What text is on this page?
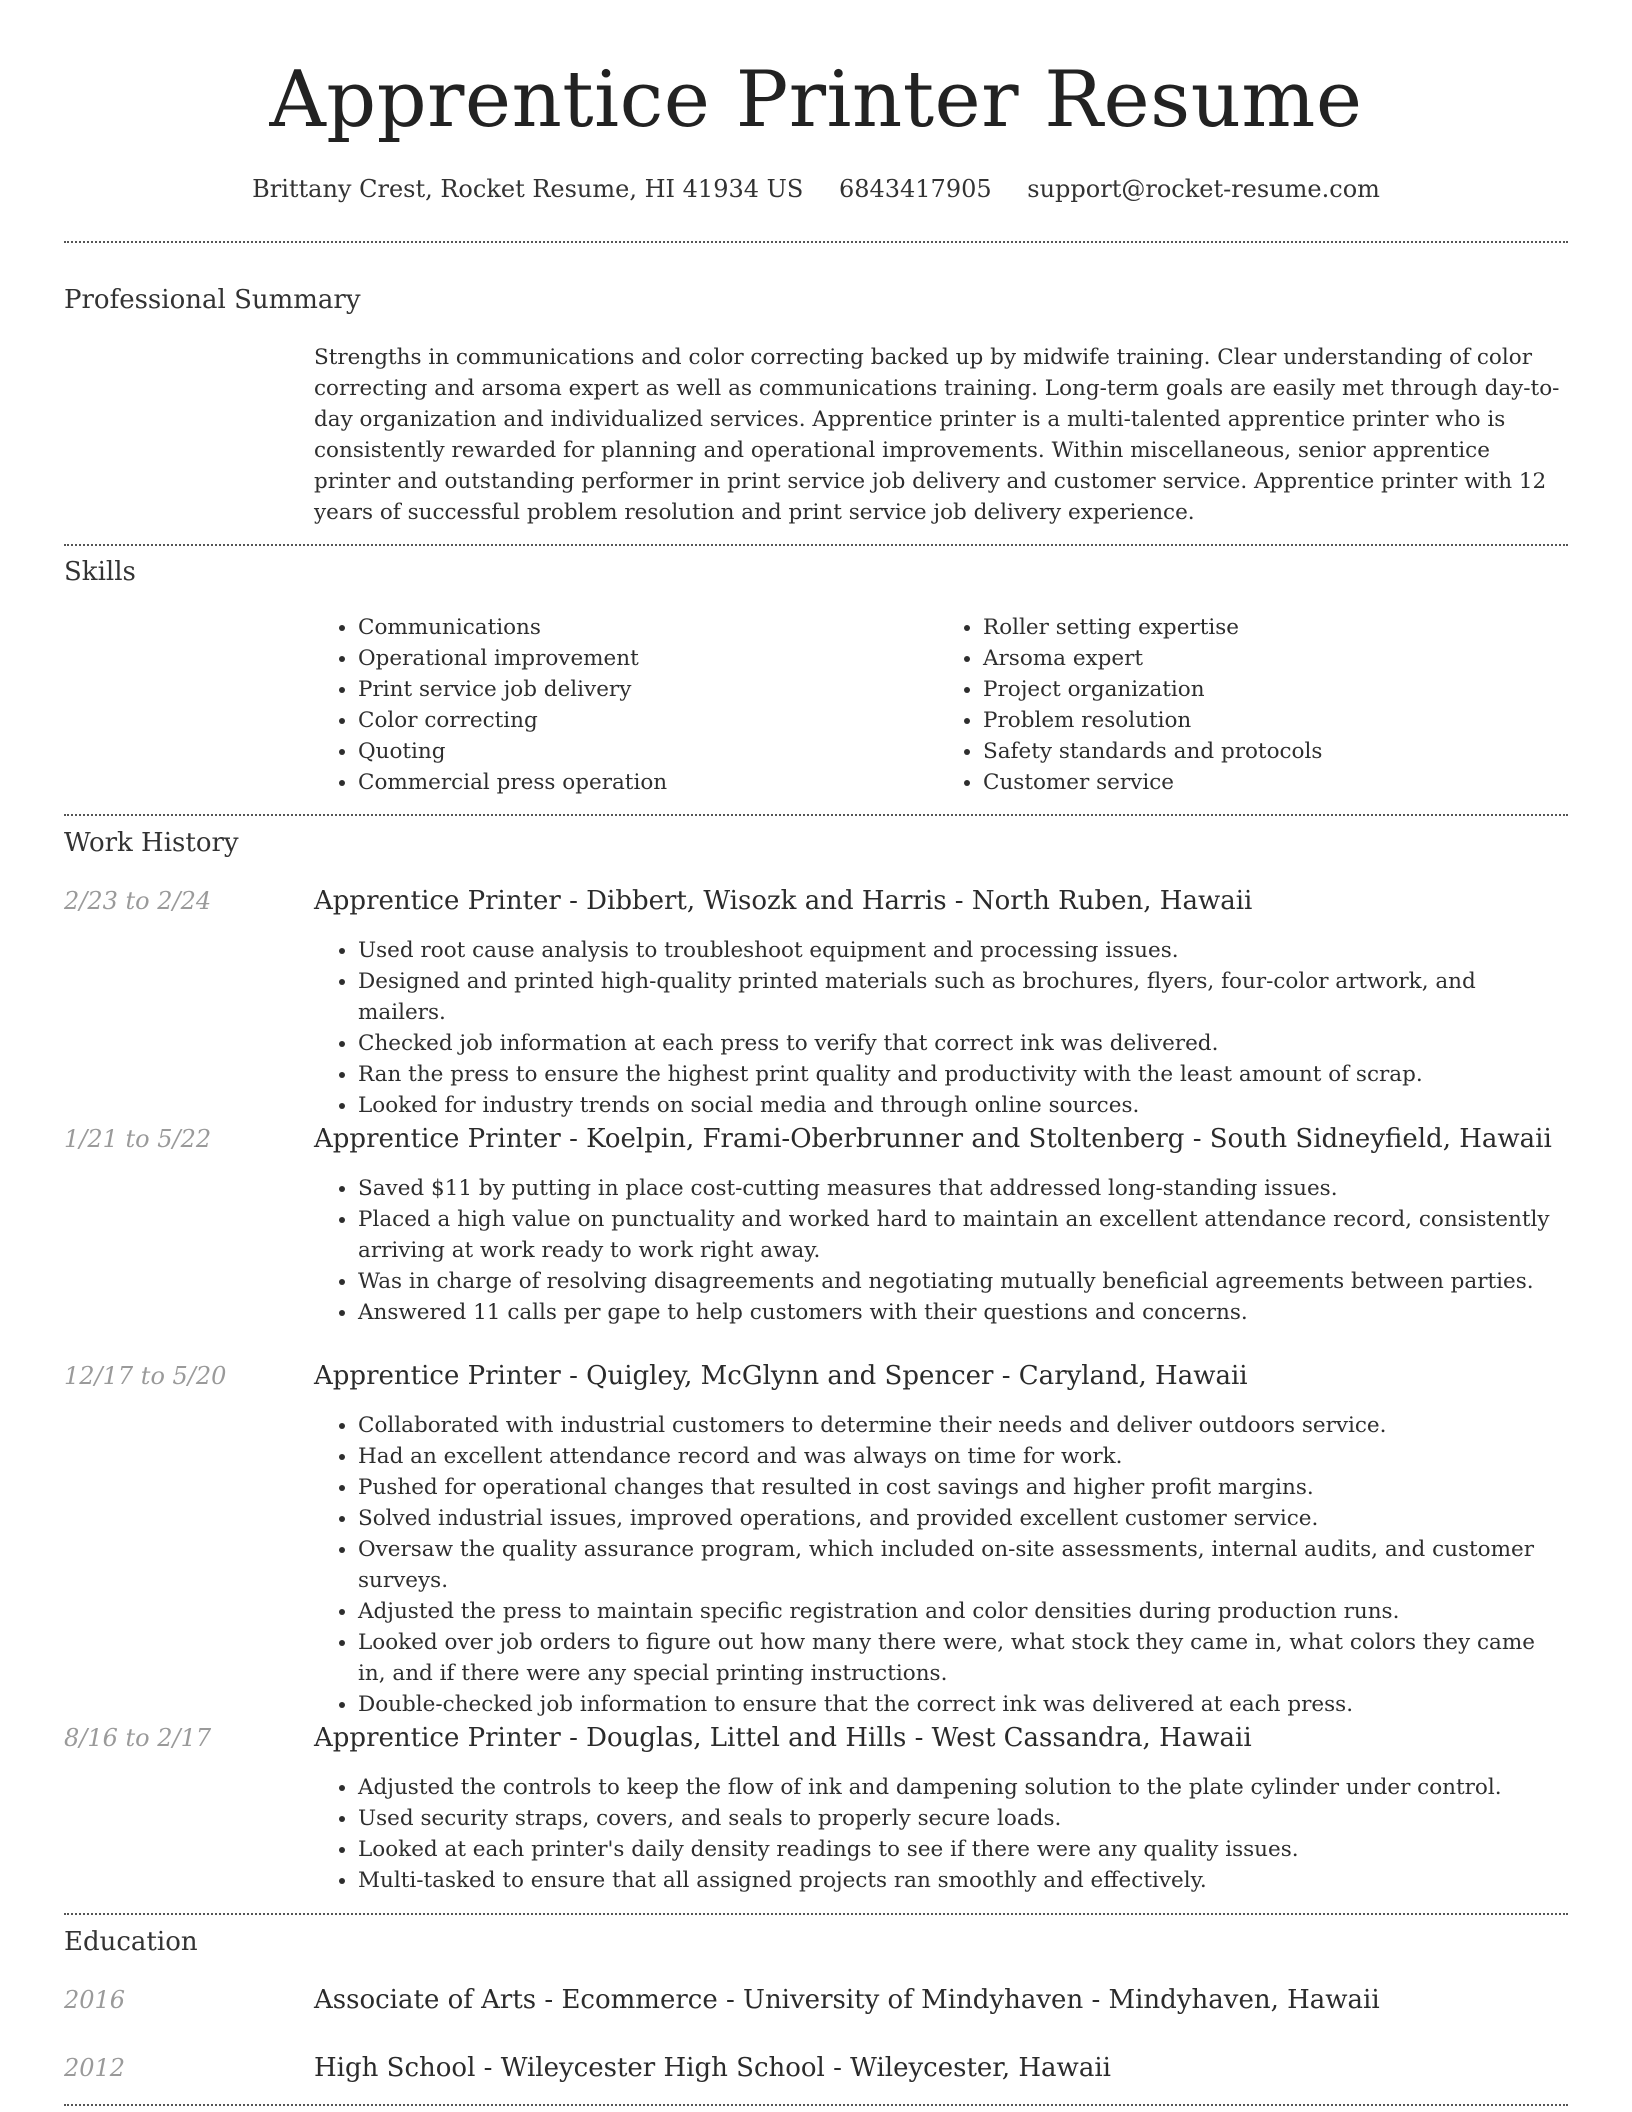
Apprentice Printer Resume
Brittany Crest, Rocket Resume, HI 41934 US 6843417905 support@rocket-resume.com
Professional Summary
Strengths in communications and color correcting backed up by midwife training. Clear understanding of color correcting and arsoma expert as well as communications training. Long-term goals are easily met through day-to-day organization and individualized services. Apprentice printer is a multi-talented apprentice printer who is consistently rewarded for planning and operational improvements. Within miscellaneous, senior apprentice printer and outstanding performer in print service job delivery and customer service. Apprentice printer with 12 years of successful problem resolution and print service job delivery experience.
Skills
• Communications
• Operational improvement
• Print service job delivery
• Color correcting
• Quoting
• Commercial press operation
• Roller setting expertise
• Arsoma expert
• Project organization
• Problem resolution
• Safety standards and protocols
• Customer service
Work History
2/23 to 2/24	Apprentice Printer - Dibbert, Wisozk and Harris - North Ruben, Hawaii
• Used root cause analysis to troubleshoot equipment and processing issues.
• Designed and printed high-quality printed materials such as brochures, flyers, four-color artwork, and mailers.
• Checked job information at each press to verify that correct ink was delivered.
• Ran the press to ensure the highest print quality and productivity with the least amount of scrap.
• Looked for industry trends on social media and through online sources.
1/21 to 5/22	Apprentice Printer - Koelpin, Frami-Oberbrunner and Stoltenberg - South Sidneyfield, Hawaii
• Saved $11 by putting in place cost-cutting measures that addressed long-standing issues.
• Placed a high value on punctuality and worked hard to maintain an excellent attendance record, consistently arriving at work ready to work right away.
• Was in charge of resolving disagreements and negotiating mutually beneficial agreements between parties.
• Answered 11 calls per gape to help customers with their questions and concerns.
12/17 to 5/20	Apprentice Printer - Quigley, McGlynn and Spencer - Caryland, Hawaii
• Collaborated with industrial customers to determine their needs and deliver outdoors service.
• Had an excellent attendance record and was always on time for work.
• Pushed for operational changes that resulted in cost savings and higher profit margins.
• Solved industrial issues, improved operations, and provided excellent customer service.
• Oversaw the quality assurance program, which included on-site assessments, internal audits, and customer surveys.
• Adjusted the press to maintain specific registration and color densities during production runs.
• Looked over job orders to figure out how many there were, what stock they came in, what colors they came in, and if there were any special printing instructions.
• Double-checked job information to ensure that the correct ink was delivered at each press.
8/16 to 2/17	Apprentice Printer - Douglas, Littel and Hills - West Cassandra, Hawaii
• Adjusted the controls to keep the flow of ink and dampening solution to the plate cylinder under control.
• Used security straps, covers, and seals to properly secure loads.
• Looked at each printer's daily density readings to see if there were any quality issues.
• Multi-tasked to ensure that all assigned projects ran smoothly and effectively.
Education
2016	Associate of Arts - Ecommerce - University of Mindyhaven - Mindyhaven, Hawaii
2012	High School - Wileycester High School - Wileycester, Hawaii
